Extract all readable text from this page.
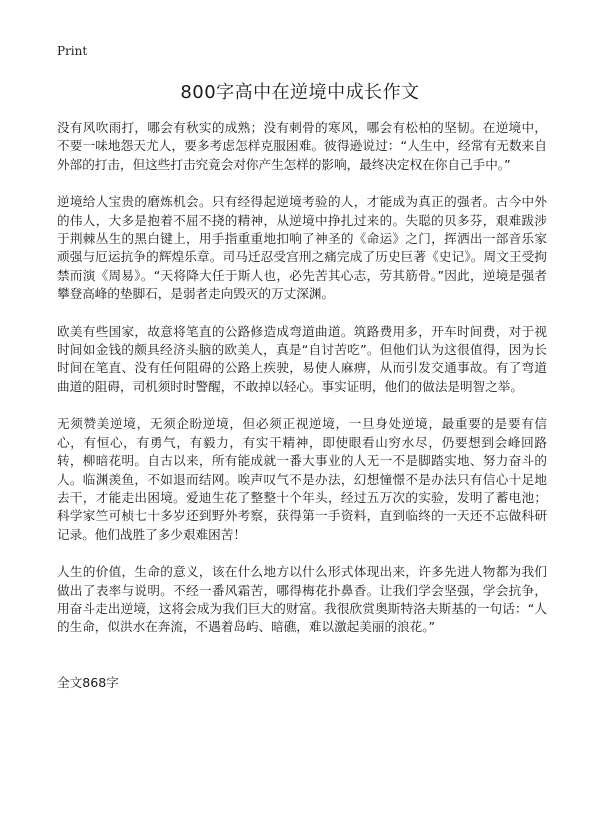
Print
800字高中在逆境中成长作文

没有风吹雨打，哪会有秋实的成熟；没有刺骨的寒风，哪会有松柏的坚韧。在逆境中，不要一味地怨天尤人，要多考虑怎样克服困难。彼得逊说过：“人生中，经常有无数来自外部的打击，但这些打击究竟会对你产生怎样的影响，最终决定权在你自己手中。”

逆境给人宝贵的磨炼机会。只有经得起逆境考验的人，才能成为真正的强者。古今中外的伟人，大多是抱着不屈不挠的精神，从逆境中挣扎过来的。失聪的贝多芬，艰难跋涉于荆棘丛生的黑白键上，用手指重重地扣响了神圣的《命运》之门，挥洒出一部音乐家顽强与厄运抗争的辉煌乐章。司马迁忍受宫刑之痛完成了历史巨著《史记》。周文王受拘禁而演《周易》。“天将降大任于斯人也，必先苦其心志，劳其筋骨。”因此，逆境是强者攀登高峰的垫脚石，是弱者走向毁灭的万丈深渊。

欧美有些国家，故意将笔直的公路修造成弯道曲道。筑路费用多，开车时间费，对于视时间如金钱的颇具经济头脑的欧美人，真是“自讨苦吃”。但他们认为这很值得，因为长时间在笔直、没有任何阻碍的公路上疾驶，易使人麻痹，从而引发交通事故。有了弯道曲道的阻碍，司机须时时警醒，不敢掉以轻心。事实证明，他们的做法是明智之举。

无须赞美逆境，无须企盼逆境，但必须正视逆境，一旦身处逆境，最重要的是要有信心，有恒心，有勇气，有毅力，有实干精神，即使眼看山穷水尽，仍要想到会峰回路转，柳暗花明。自古以来，所有能成就一番大事业的人无一不是脚踏实地、努力奋斗的人。临渊羡鱼，不如退而结网。唉声叹气不是办法，幻想憧憬不是办法只有信心十足地去干，才能走出困境。爱迪生花了整整十个年头，经过五万次的实验，发明了蓄电池；科学家竺可桢七十多岁还到野外考察，获得第一手资料，直到临终的一天还不忘做科研记录。他们战胜了多少艰难困苦！

人生的价值，生命的意义，该在什么地方以什么形式体现出来，许多先进人物都为我们做出了表率与说明。不经一番风霜苦，哪得梅花扑鼻香。让我们学会坚强，学会抗争，用奋斗走出逆境，这将会成为我们巨大的财富。我很欣赏奥斯特洛夫斯基的一句话：“人的生命，似洪水在奔流，不遇着岛屿、暗礁，难以激起美丽的浪花。”

全文868字
